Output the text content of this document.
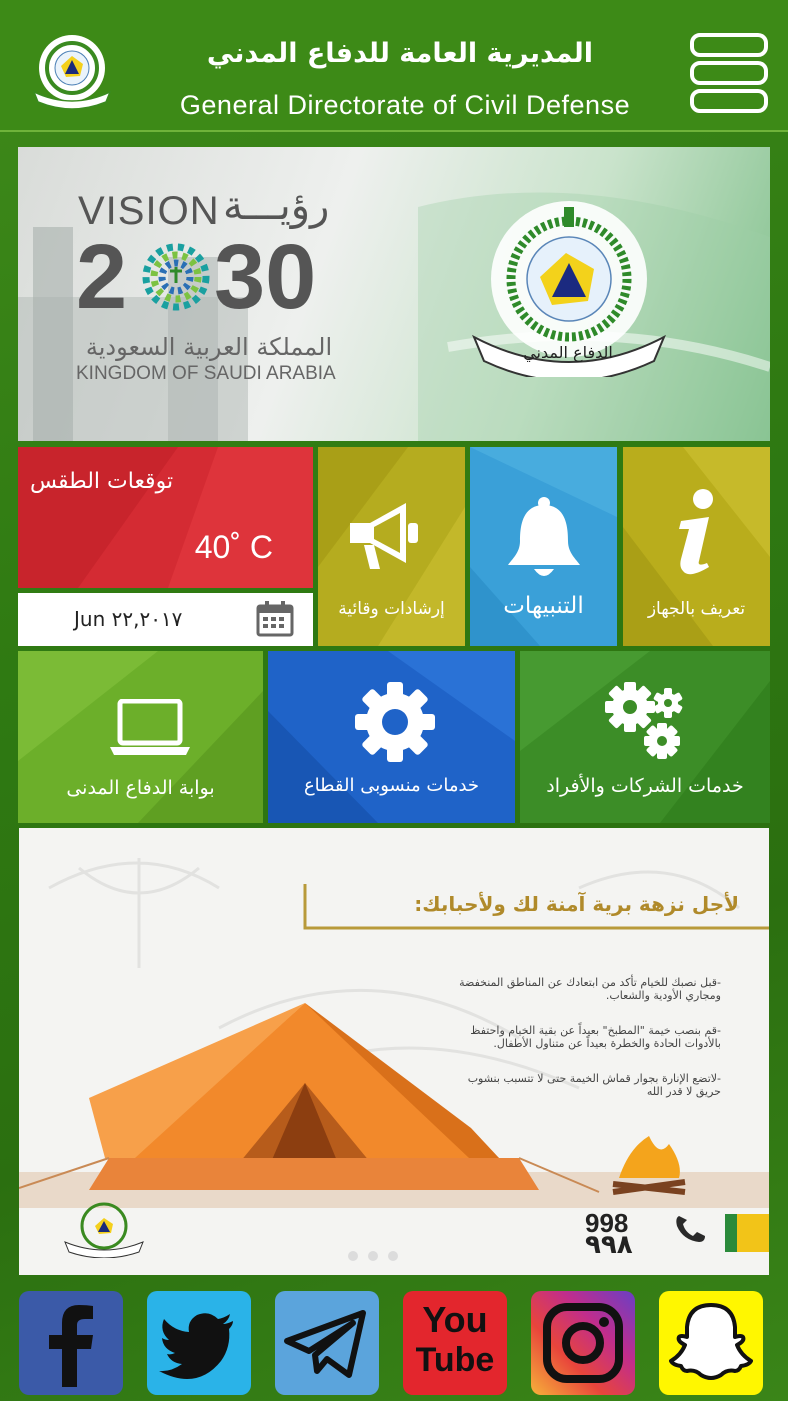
المديرية العامة للدفاع المدني
General Directorate of Civil Defense
VISION رؤيـــة
2 30
المملكة العربية السعودية
KINGDOM OF SAUDI ARABIA
الدفاع المدني
توقعات الطقس
40˚ C
Jun ٢٢,٢٠١٧	إرشادات وقائية	التنبيهات	تعريف بالجهاز
بوابة الدفاع المدنى	خدمات منسوبى القطاع	خدمات الشركات والأفراد
لأجل نزهة برية آمنة لك ولأحبابك:
-قبل نصبك للخيام تأكد من ابتعادك عن المناطق المنخفضة ومجاري الأودية والشعاب.
-قم بنصب خيمة "المطبخ" بعيداً عن بقية الخيام واحتفظ بالأدوات الحادة والخطرة بعيداً عن متناول الأطفال.
-لاتضع الإنارة بجوار قماش الخيمة حتى لا تتسبب بنشوب حريق لا قدر الله
998
٩٩٨
You
Tube
